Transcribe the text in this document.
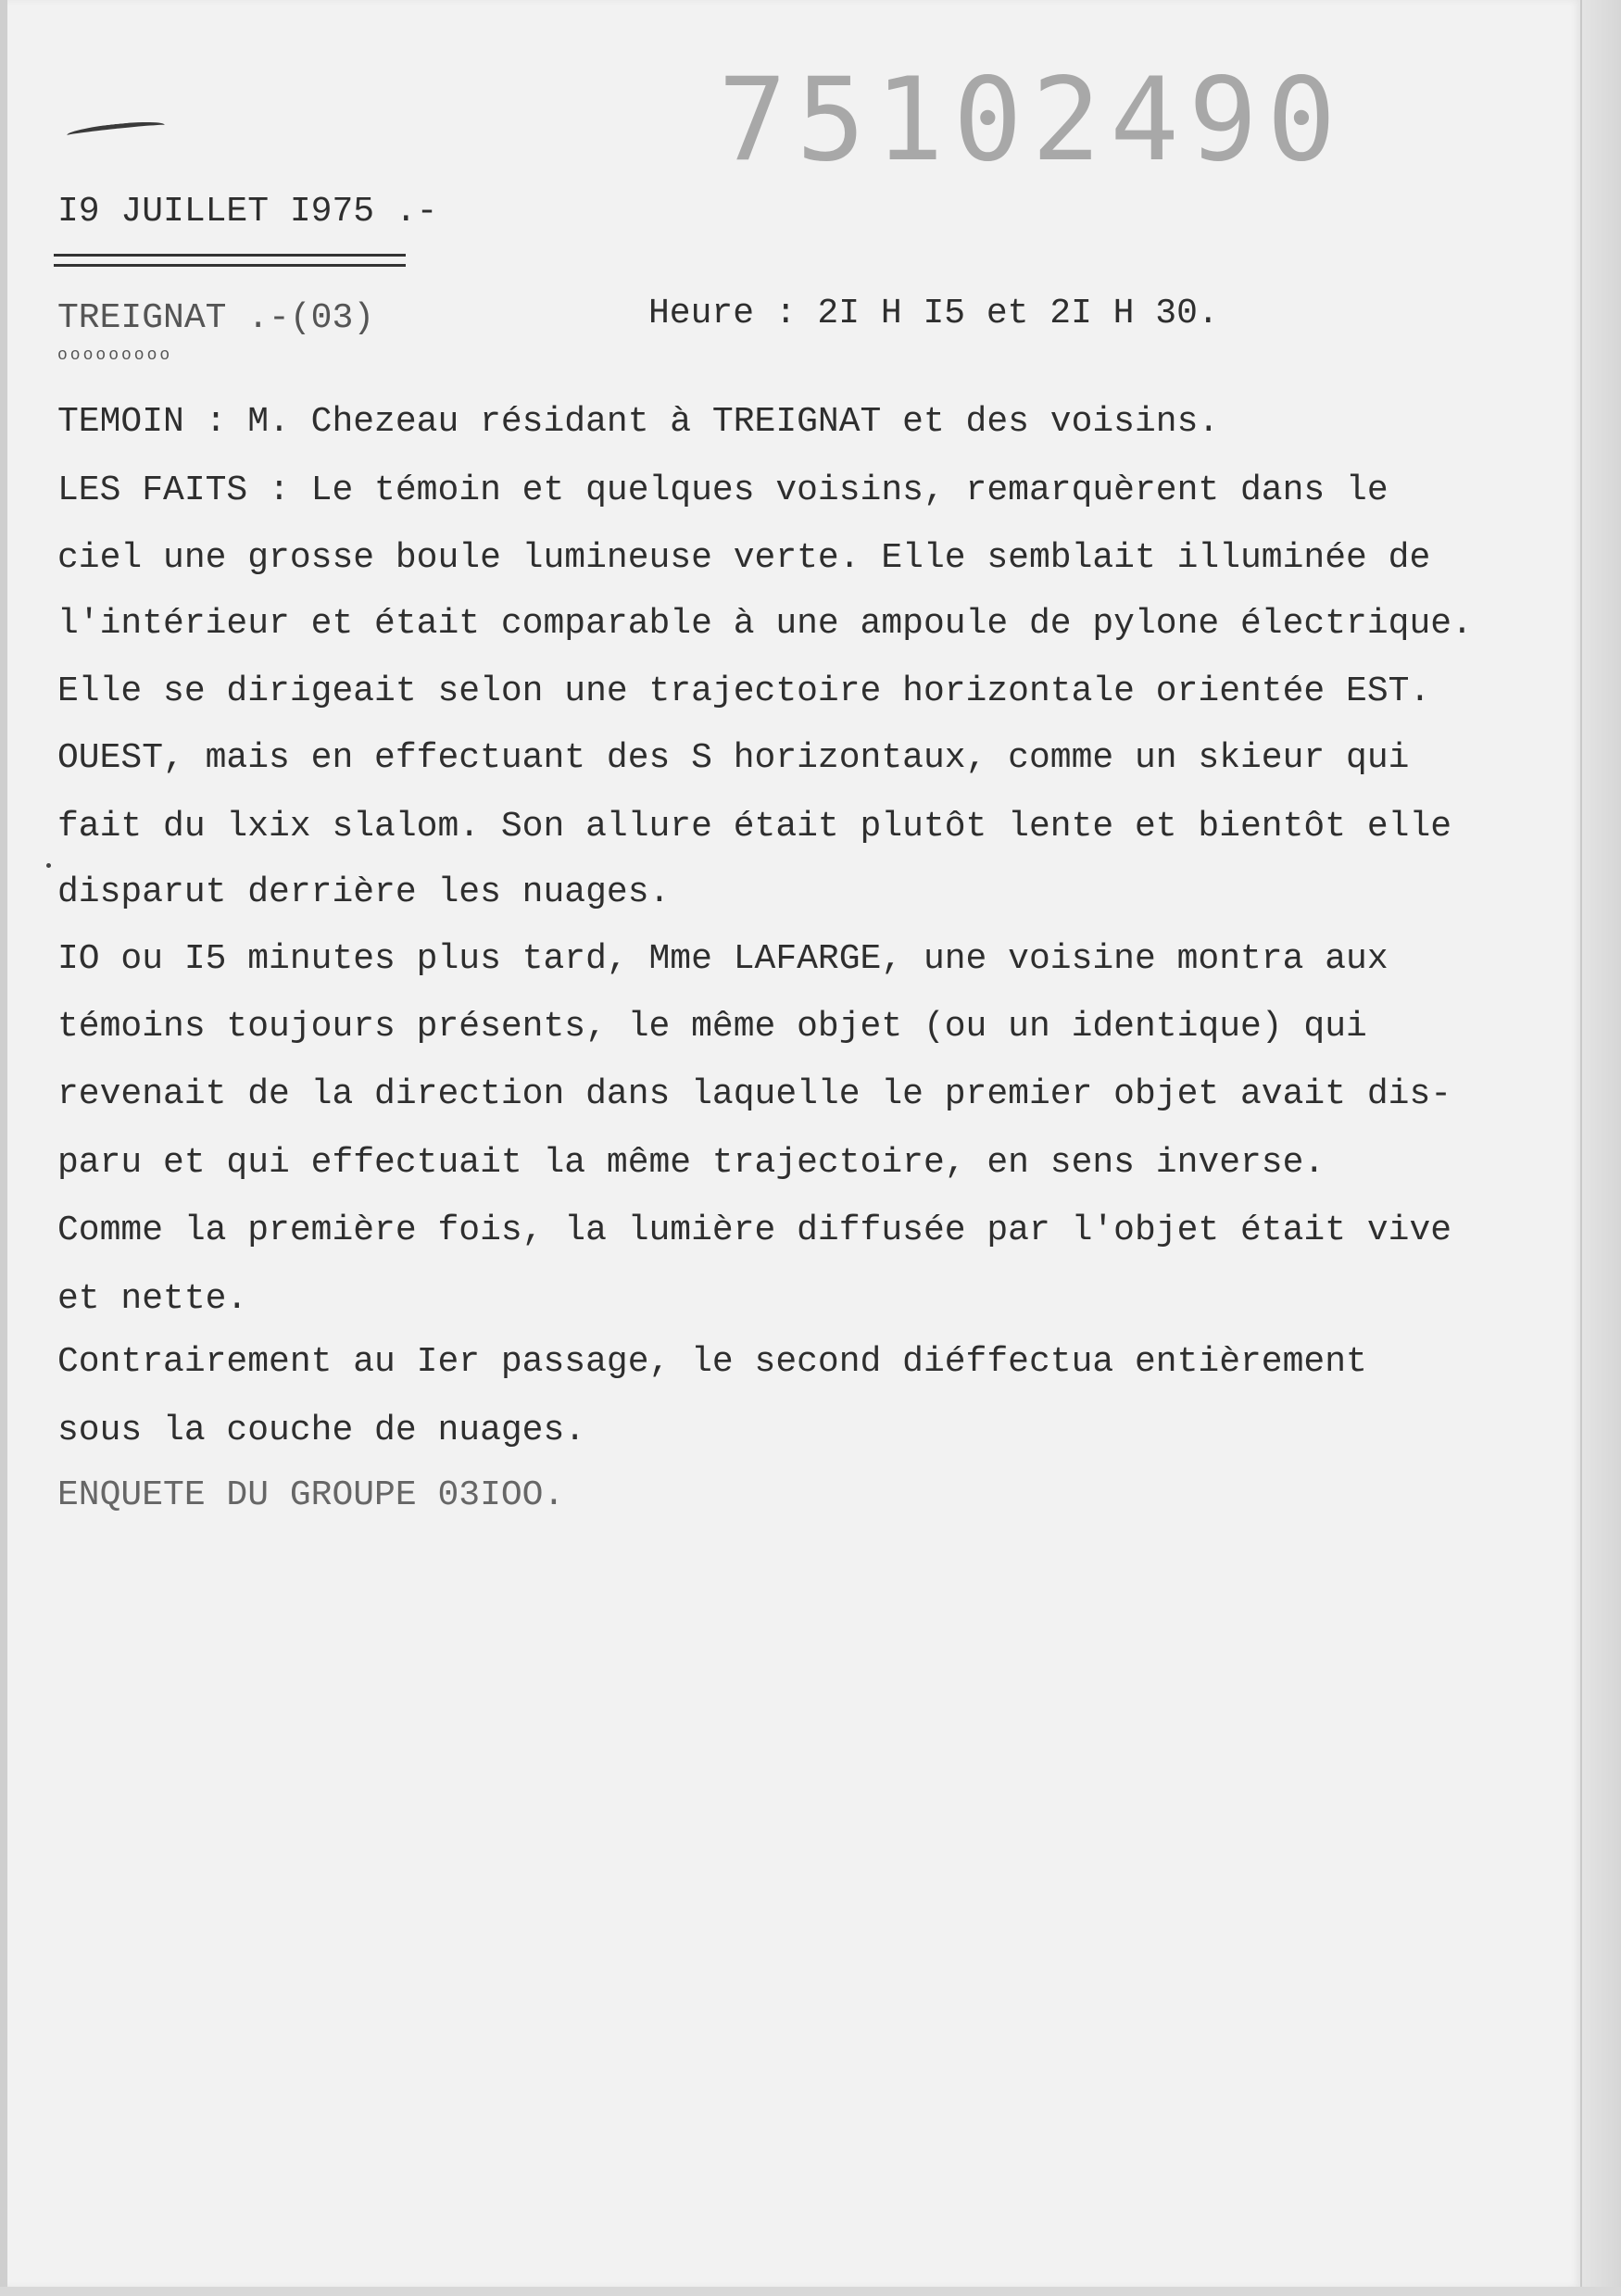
75102490
I9 JUILLET I975 .-
TREIGNAT .-(03)
ooooooooo
Heure : 2I H I5 et 2I H 30.
TEMOIN : M. Chezeau résidant à TREIGNAT et des voisins.
LES FAITS : Le témoin et quelques voisins, remarquèrent dans le
ciel une grosse boule lumineuse verte. Elle semblait illuminée de
l'intérieur et était comparable à une ampoule de pylone électrique.
Elle se dirigeait selon une trajectoire horizontale orientée EST.
OUEST, mais en effectuant des S horizontaux, comme un skieur qui
fait du lxix slalom. Son allure était plutôt lente et bientôt elle
disparut derrière les nuages.
IO ou I5 minutes plus tard, Mme LAFARGE, une voisine montra aux
témoins toujours présents, le même objet (ou un identique) qui
revenait de la direction dans laquelle le premier objet avait dis-
paru et qui effectuait la même trajectoire, en sens inverse.
Comme la première fois, la lumière diffusée par l'objet était vive
et nette.
Contrairement au Ier passage, le second diéffectua entièrement
sous la couche de nuages.
ENQUETE DU GROUPE 03IOO.
